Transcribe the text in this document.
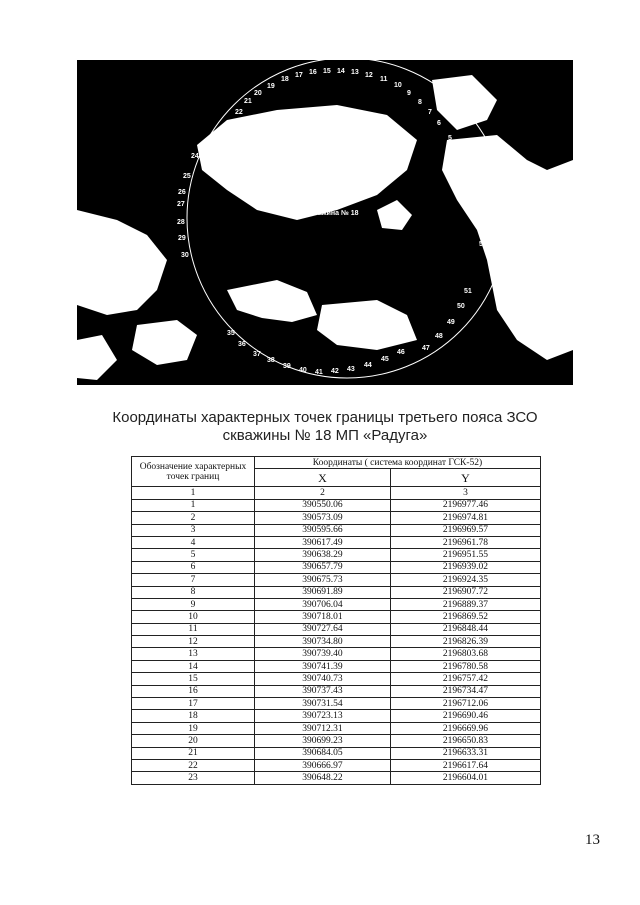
Скважина № 18
23
22
21
20
19
18
17 16 15 14 13 12
11
10
9
8
7
6
5
24
25
26
27
28
29
30
4
3
2
1
55
54
51
50
49
48
47
35
36
37
38
39
40 41 42 43
44
45
46
Координаты характерных точек границы третьего пояса ЗСО
скважины № 18 МП «Радуга»
Обозначение характерных точек границ	Координаты ( система координат ГСК-52)	
	X	Y
1	2	3
1	390550.06	2196977.46
2	390573.09	2196974.81
3	390595.66	2196969.57
4	390617.49	2196961.78
5	390638.29	2196951.55
6	390657.79	2196939.02
7	390675.73	2196924.35
8	390691.89	2196907.72
9	390706.04	2196889.37
10	390718.01	2196869.52
11	390727.64	2196848.44
12	390734.80	2196826.39
13	390739.40	2196803.68
14	390741.39	2196780.58
15	390740.73	2196757.42
16	390737.43	2196734.47
17	390731.54	2196712.06
18	390723.13	2196690.46
19	390712.31	2196669.96
20	390699.23	2196650.83
21	390684.05	2196633.31
22	390666.97	2196617.64
23	390648.22	2196604.01
13
